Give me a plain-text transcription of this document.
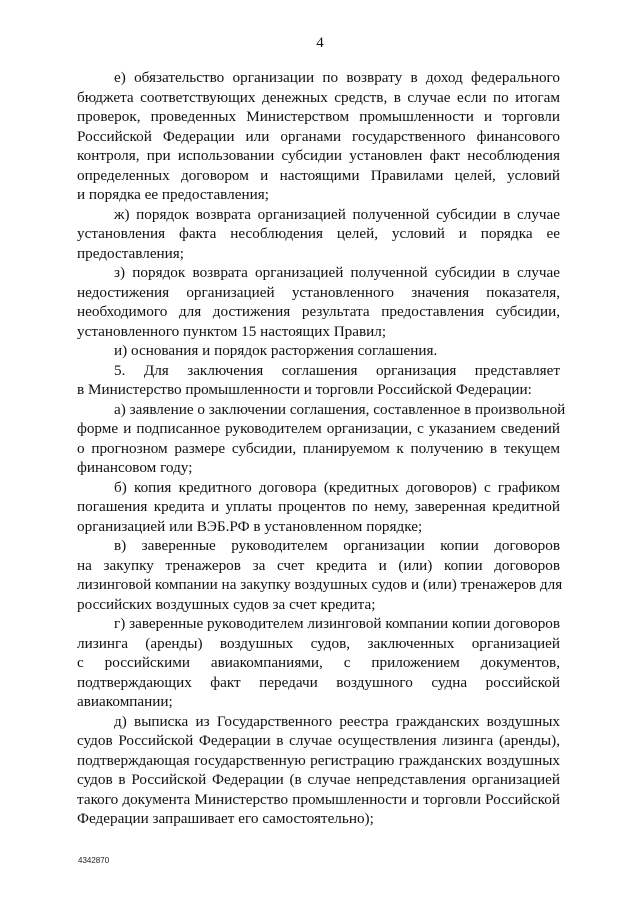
4
е) обязательство организации по возврату в доход федерального
бюджета соответствующих денежных средств, в случае если по итогам
проверок, проведенных Министерством промышленности и торговли
Российской Федерации или органами государственного финансового
контроля, при использовании субсидии установлен факт несоблюдения
определенных договором и настоящими Правилами целей, условий
и порядка ее предоставления;
ж) порядок возврата организацией полученной субсидии в случае
установления факта несоблюдения целей, условий и порядка ее
предоставления;
з) порядок возврата организацией полученной субсидии в случае
недостижения организацией установленного значения показателя,
необходимого для достижения результата предоставления субсидии,
установленного пунктом 15 настоящих Правил;
и) основания и порядок расторжения соглашения.
5. Для заключения соглашения организация представляет
в Министерство промышленности и торговли Российской Федерации:
а) заявление о заключении соглашения, составленное в произвольной
форме и подписанное руководителем организации, с указанием сведений
о прогнозном размере субсидии, планируемом к получению в текущем
финансовом году;
б) копия кредитного договора (кредитных договоров) с графиком
погашения кредита и уплаты процентов по нему, заверенная кредитной
организацией или ВЭБ.РФ в установленном порядке;
в) заверенные руководителем организации копии договоров
на закупку тренажеров за счет кредита и (или) копии договоров
лизинговой компании на закупку воздушных судов и (или) тренажеров для
российских воздушных судов за счет кредита;
г) заверенные руководителем лизинговой компании копии договоров
лизинга (аренды) воздушных судов, заключенных организацией
с российскими авиакомпаниями, с приложением документов,
подтверждающих факт передачи воздушного судна российской
авиакомпании;
д) выписка из Государственного реестра гражданских воздушных
судов Российской Федерации в случае осуществления лизинга (аренды),
подтверждающая государственную регистрацию гражданских воздушных
судов в Российской Федерации (в случае непредставления организацией
такого документа Министерство промышленности и торговли Российской
Федерации запрашивает его самостоятельно);
4342870
